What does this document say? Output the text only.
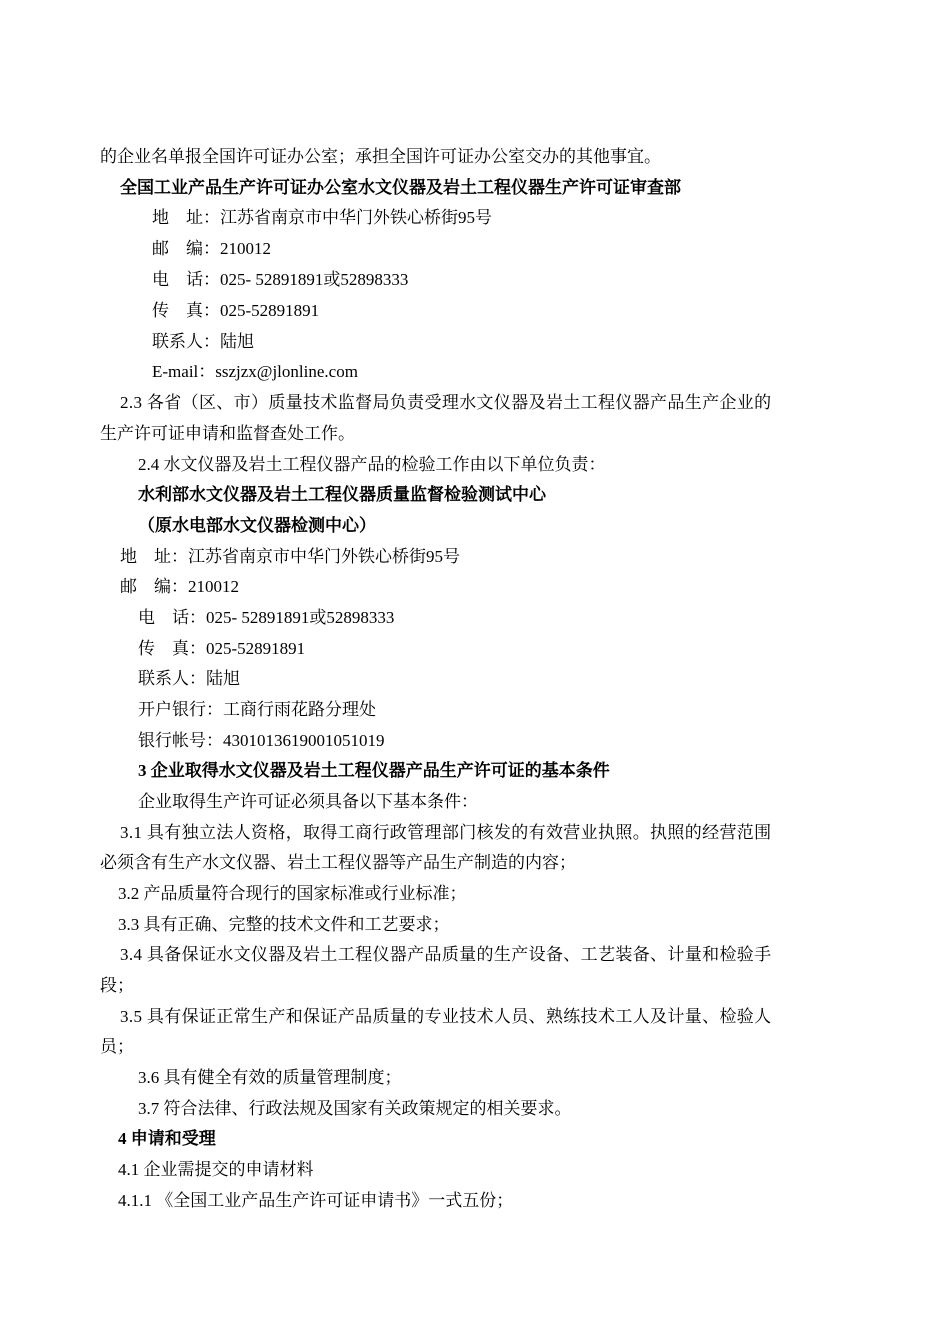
的企业名单报全国许可证办公室；承担全国许可证办公室交办的其他事宜。
全国工业产品生产许可证办公室水文仪器及岩土工程仪器生产许可证审查部
地　址：江苏省南京市中华门外铁心桥街95号
邮　编：210012
电　话：025- 52891891或52898333
传　真：025-52891891
联系人：陆旭
E-mail：sszjzx@jlonline.com
2.3 各省（区、市）质量技术监督局负责受理水文仪器及岩土工程仪器产品生产企业的
生产许可证申请和监督查处工作。
2.4 水文仪器及岩土工程仪器产品的检验工作由以下单位负责：
水利部水文仪器及岩土工程仪器质量监督检验测试中心
（原水电部水文仪器检测中心）
地　址：江苏省南京市中华门外铁心桥街95号
邮　编：210012
电　话：025- 52891891或52898333
传　真：025-52891891
联系人：陆旭
开户银行：工商行雨花路分理处
银行帐号：4301013619001051019
3 企业取得水文仪器及岩土工程仪器产品生产许可证的基本条件
企业取得生产许可证必须具备以下基本条件：
3.1 具有独立法人资格，取得工商行政管理部门核发的有效营业执照。执照的经营范围
必须含有生产水文仪器、岩土工程仪器等产品生产制造的内容；
3.2 产品质量符合现行的国家标准或行业标准；
3.3 具有正确、完整的技术文件和工艺要求；
3.4 具备保证水文仪器及岩土工程仪器产品质量的生产设备、工艺装备、计量和检验手
段；
3.5 具有保证正常生产和保证产品质量的专业技术人员、熟练技术工人及计量、检验人
员；
3.6 具有健全有效的质量管理制度；
3.7 符合法律、行政法规及国家有关政策规定的相关要求。
4 申请和受理
4.1 企业需提交的申请材料
4.1.1 《全国工业产品生产许可证申请书》一式五份；
